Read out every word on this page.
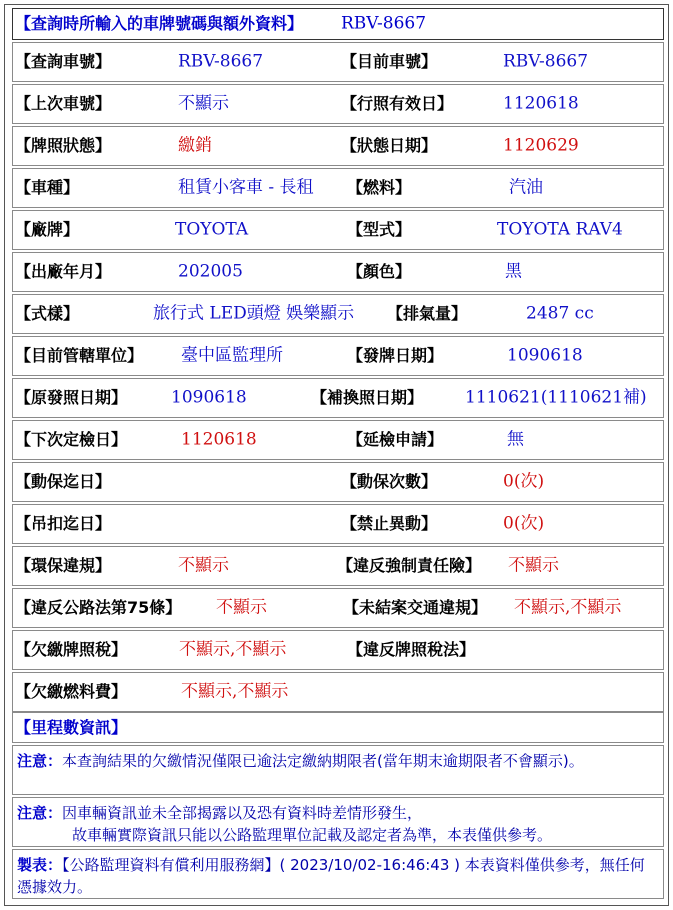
【查詢時所輸入的車牌號碼與額外資料】 RBV-8667
【查詢車號】	RBV-8667	【目前車號】	RBV-8667
【上次車號】	不顯示	【行照有效日】	1120618
【牌照狀態】	繳銷	【狀態日期】	1120629
【車種】	租賃小客車 - 長租 【燃料】	汽油
【廠牌】	TOYOTA	【型式】	TOYOTA RAV4
【出廠年月】	202005	【顏色】	黑
【式樣】	旅行式 LED頭燈 娛樂顯示 【排氣量】	2487 cc
【目前管轄單位】 臺中區監理所	【發牌日期】	1090618
【原發照日期】	1090618	【補換照日期】 1110621(1110621補)
【下次定檢日】	1120618	【延檢申請】	無
【動保迄日】	【動保次數】	0(次)
【吊扣迄日】	【禁止異動】	0(次)
【環保違規】	不顯示	【違反強制責任險】 不顯示
【違反公路法第75條】 不顯示	【未結案交通違規】 不顯示,不顯示
【欠繳牌照稅】	不顯示,不顯示	【違反牌照稅法】
【欠繳燃料費】	不顯示,不顯示
【里程數資訊】
注意：本查詢結果的欠繳情況僅限已逾法定繳納期限者(當年期末逾期限者不會顯示)。
注意：因車輛資訊並未全部揭露以及恐有資料時差情形發生，
故車輛實際資訊只能以公路監理單位記載及認定者為準，本表僅供參考。
製表：【公路監理資料有償利用服務網】( 2023/10/02-16:46:43 ) 本表資料僅供參考，無任何憑據效力。
